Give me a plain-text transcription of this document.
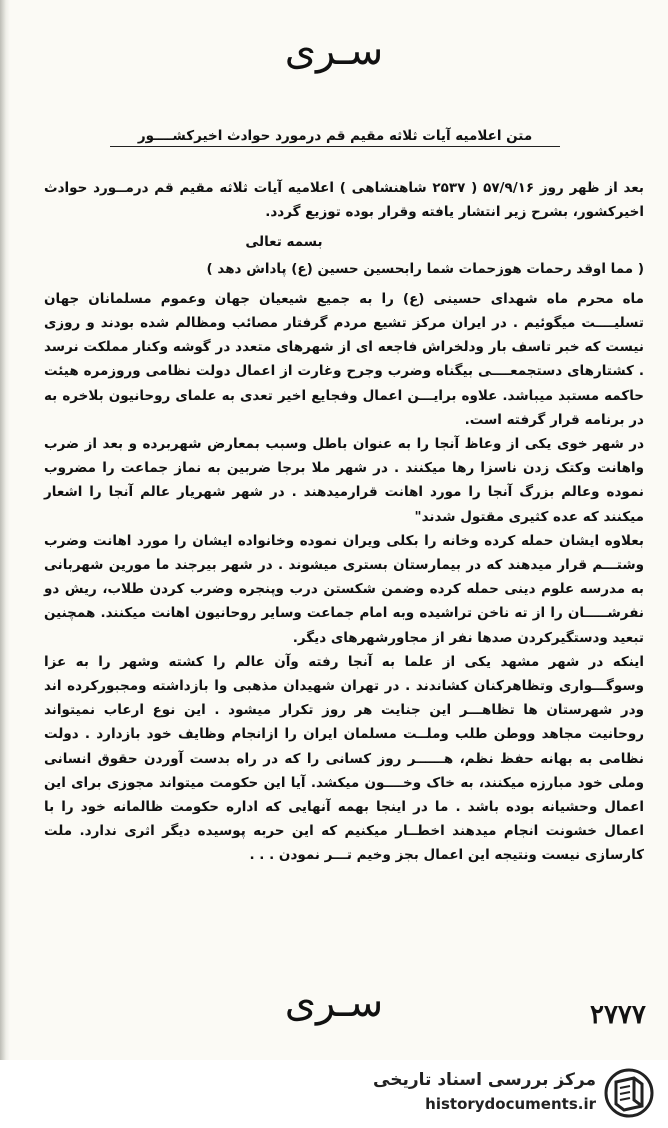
سـری
متن اعلامیه آیات ثلاثه مقیم قم درمورد حوادث اخیرکشــــور

بعد از ظهر روز ۵۷/۹/۱۶ ( ۲۵۳۷ شاهنشاهی ) اعلامیه آیات ثلاثه مقیم قم درمــورد حوادث اخیرکشور، بشرح زیر انتشار یافته وقرار بوده توزیع گردد.

بسمه تعالی

( مما اوقد رحمات هوزحمات شما رابحسین حسین (ع) پاداش دهد )

ماه محرم ماه شهدای حسینی (ع) را به جمیع شیعیان جهان وعموم مسلمانان جهان تسلیــــت میگوئیم . در ایران مرکز تشیع مردم گرفتار مصائب ومظالم شده بودند و روزی نیست که خبر تاسف بار ودلخراش فاجعه ای از شهرهای متعدد در گوشه وکنار مملکت نرسد . کشتارهای دستجمعــــی بیگناه وضرب وجرح وغارت از اعمال دولت نظامی وروزمره هیئت حاکمه مستبد میباشد. علاوه برایـــن اعمال وفجایع اخیر تعدی به علمای روحانیون بلاخره به در برنامه قرار گرفته است.

در شهر خوی یکی از وعاظ آنجا را به عنوان باطل وسبب بمعارض شهربرده و بعد از ضرب واهانت وکتک زدن ناسزا رها میکنند . در شهر ملا برجا ضربین به نماز جماعت را مضروب نموده وعالم بزرگ آنجا را مورد اهانت قرارمیدهند . در شهر شهریار عالم آنجا را اشعار میکنند که عده کثیری مقتول شدند"

بعلاوه ایشان حمله کرده وخانه را بکلی ویران نموده وخانواده ایشان را مورد اهانت وضرب وشتـــم قرار میدهند که در بیمارستان بستری میشوند . در شهر بیرجند ما مورین شهربانی به مدرسه علوم دینی حمله کرده وضمن شکستن درب وپنجره وضرب کردن طلاب، ریش دو نفرشـــــان را از ته ناخن تراشیده وبه امام جماعت وسایر روحانیون اهانت میکنند. همچنین تبعید ودستگیرکردن صدها نفر از مجاورشهرهای دیگر.

اینکه در شهر مشهد یکی از علما به آنجا رفته وآن عالم را کشته وشهر را به عزا وسوگـــواری وتظاهرکنان کشاندند . در تهران شهیدان مذهبی وا بازداشته ومجبورکرده اند ودر شهرستان ها تظاهـــر این جنایت هر روز تکرار میشود . این نوع ارعاب نمیتواند روحانیت مجاهد ووطن طلب وملــت مسلمان ایران را ازانجام وظایف خود بازدارد . دولت نظامی به بهانه حفظ نظم، هــــــر روز کسانی را که در راه بدست آوردن حقوق انسانی وملی خود مبارزه میکنند، به خاک وخــــون میکشد. آیا این حکومت میتواند مجوزی برای این اعمال وحشیانه بوده باشد . ما در اینجا بهمه آنهایی که اداره حکومت ظالمانه خود را با اعمال خشونت انجام میدهند اخطــار میکنیم که این حربه پوسیده دیگر اثری ندارد. ملت کارسازی نیست ونتیجه این اعمال بجز وخیم تـــر نمودن . . .

سـری	۲۷۷۷
مرکز بررسی اسناد تاریخی
historydocuments.ir
